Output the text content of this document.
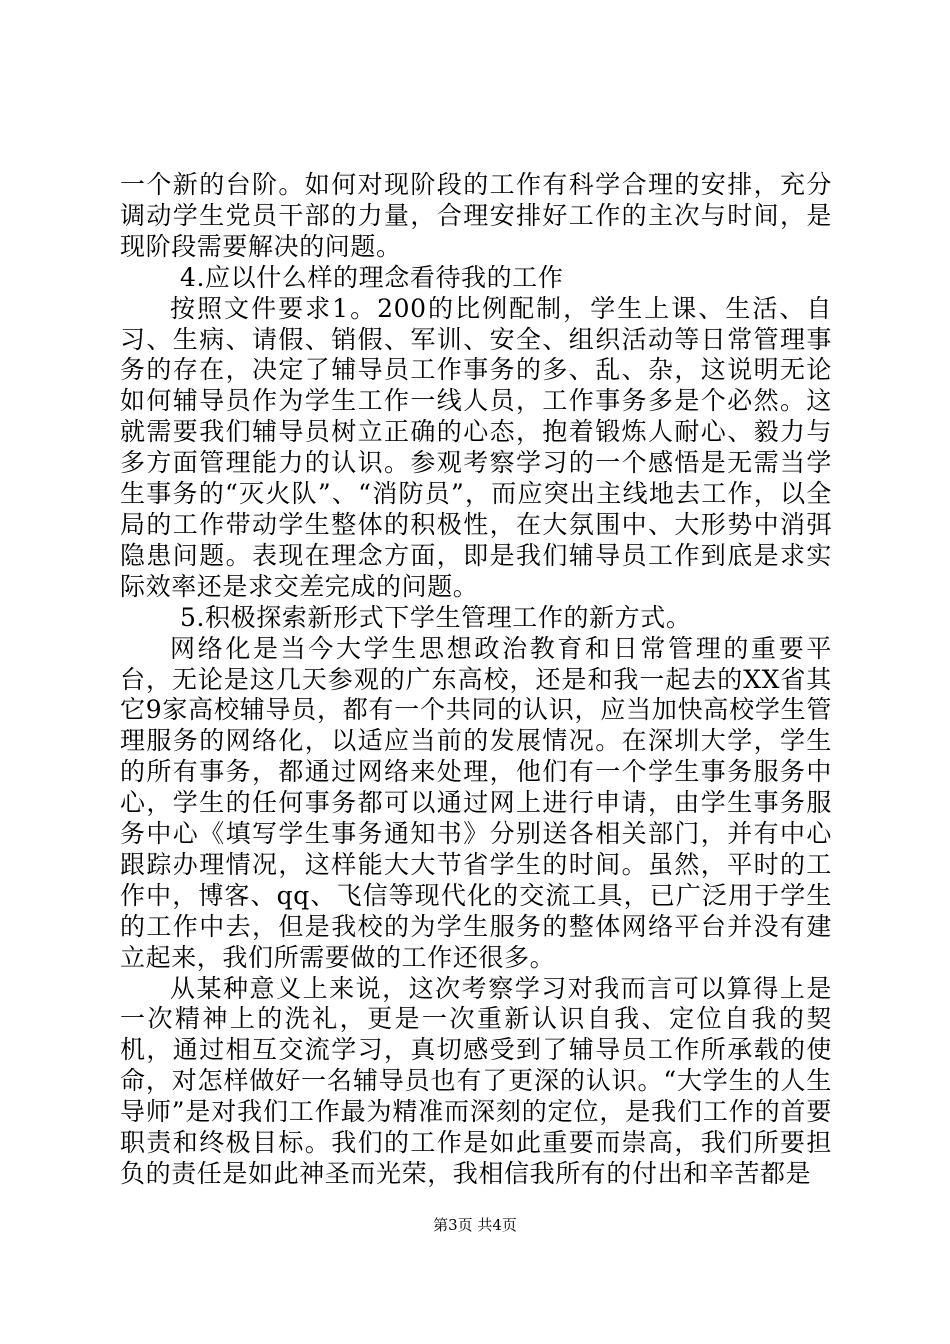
一个新的台阶。如何对现阶段的工作有科学合理的安排，充分调动学生党员干部的力量，合理安排好工作的主次与时间，是现阶段需要解决的问题。

4.应以什么样的理念看待我的工作

按照文件要求1。200的比例配制，学生上课、生活、自习、生病、请假、销假、军训、安全、组织活动等日常管理事务的存在，决定了辅导员工作事务的多、乱、杂，这说明无论如何辅导员作为学生工作一线人员，工作事务多是个必然。这就需要我们辅导员树立正确的心态，抱着锻炼人耐心、毅力与多方面管理能力的认识。参观考察学习的一个感悟是无需当学生事务的“灭火队”、“消防员”，而应突出主线地去工作，以全局的工作带动学生整体的积极性，在大氛围中、大形势中消弭隐患问题。表现在理念方面，即是我们辅导员工作到底是求实际效率还是求交差完成的问题。

5.积极探索新形式下学生管理工作的新方式。

网络化是当今大学生思想政治教育和日常管理的重要平台，无论是这几天参观的广东高校，还是和我一起去的XX省其它9家高校辅导员，都有一个共同的认识，应当加快高校学生管理服务的网络化，以适应当前的发展情况。在深圳大学，学生的所有事务，都通过网络来处理，他们有一个学生事务服务中心，学生的任何事务都可以通过网上进行申请，由学生事务服务中心《填写学生事务通知书》分别送各相关部门，并有中心跟踪办理情况，这样能大大节省学生的时间。虽然，平时的工作中，博客、qq、飞信等现代化的交流工具，已广泛用于学生的工作中去，但是我校的为学生服务的整体网络平台并没有建立起来，我们所需要做的工作还很多。

从某种意义上来说，这次考察学习对我而言可以算得上是一次精神上的洗礼，更是一次重新认识自我、定位自我的契机，通过相互交流学习，真切感受到了辅导员工作所承载的使命，对怎样做好一名辅导员也有了更深的认识。“大学生的人生导师”是对我们工作最为精准而深刻的定位，是我们工作的首要职责和终极目标。我们的工作是如此重要而崇高，我们所要担负的责任是如此神圣而光荣，我相信我所有的付出和辛苦都是

第3页 共4页
